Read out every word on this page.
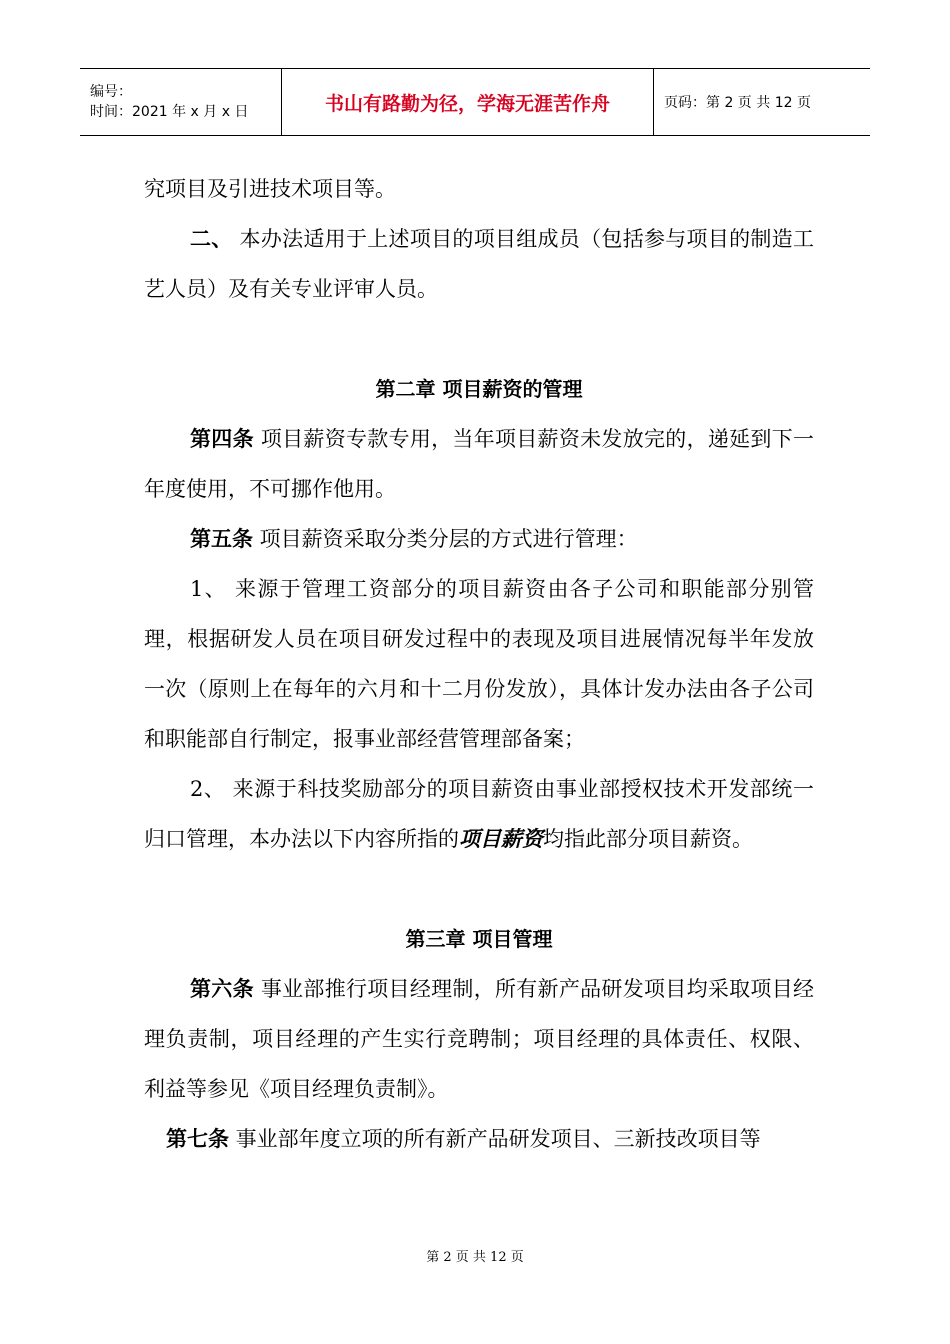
编号：
时间：2021 年 x 月 x 日	书山有路勤为径，学海无涯苦作舟	页码：第 2 页 共 12 页

究项目及引进技术项目等。

二、 本办法适用于上述项目的项目组成员（包括参与项目的制造工艺人员）及有关专业评审人员。

第二章 项目薪资的管理

第四条 项目薪资专款专用，当年项目薪资未发放完的，递延到下一年度使用，不可挪作他用。

第五条 项目薪资采取分类分层的方式进行管理：

1、 来源于管理工资部分的项目薪资由各子公司和职能部分别管理，根据研发人员在项目研发过程中的表现及项目进展情况每半年发放一次（原则上在每年的六月和十二月份发放），具体计发办法由各子公司和职能部自行制定，报事业部经营管理部备案；

2、 来源于科技奖励部分的项目薪资由事业部授权技术开发部统一归口管理，本办法以下内容所指的项目薪资均指此部分项目薪资。

第三章 项目管理

第六条 事业部推行项目经理制，所有新产品研发项目均采取项目经理负责制，项目经理的产生实行竞聘制；项目经理的具体责任、权限、利益等参见《项目经理负责制》。

第七条 事业部年度立项的所有新产品研发项目、三新技改项目等

第 2 页 共 12 页
